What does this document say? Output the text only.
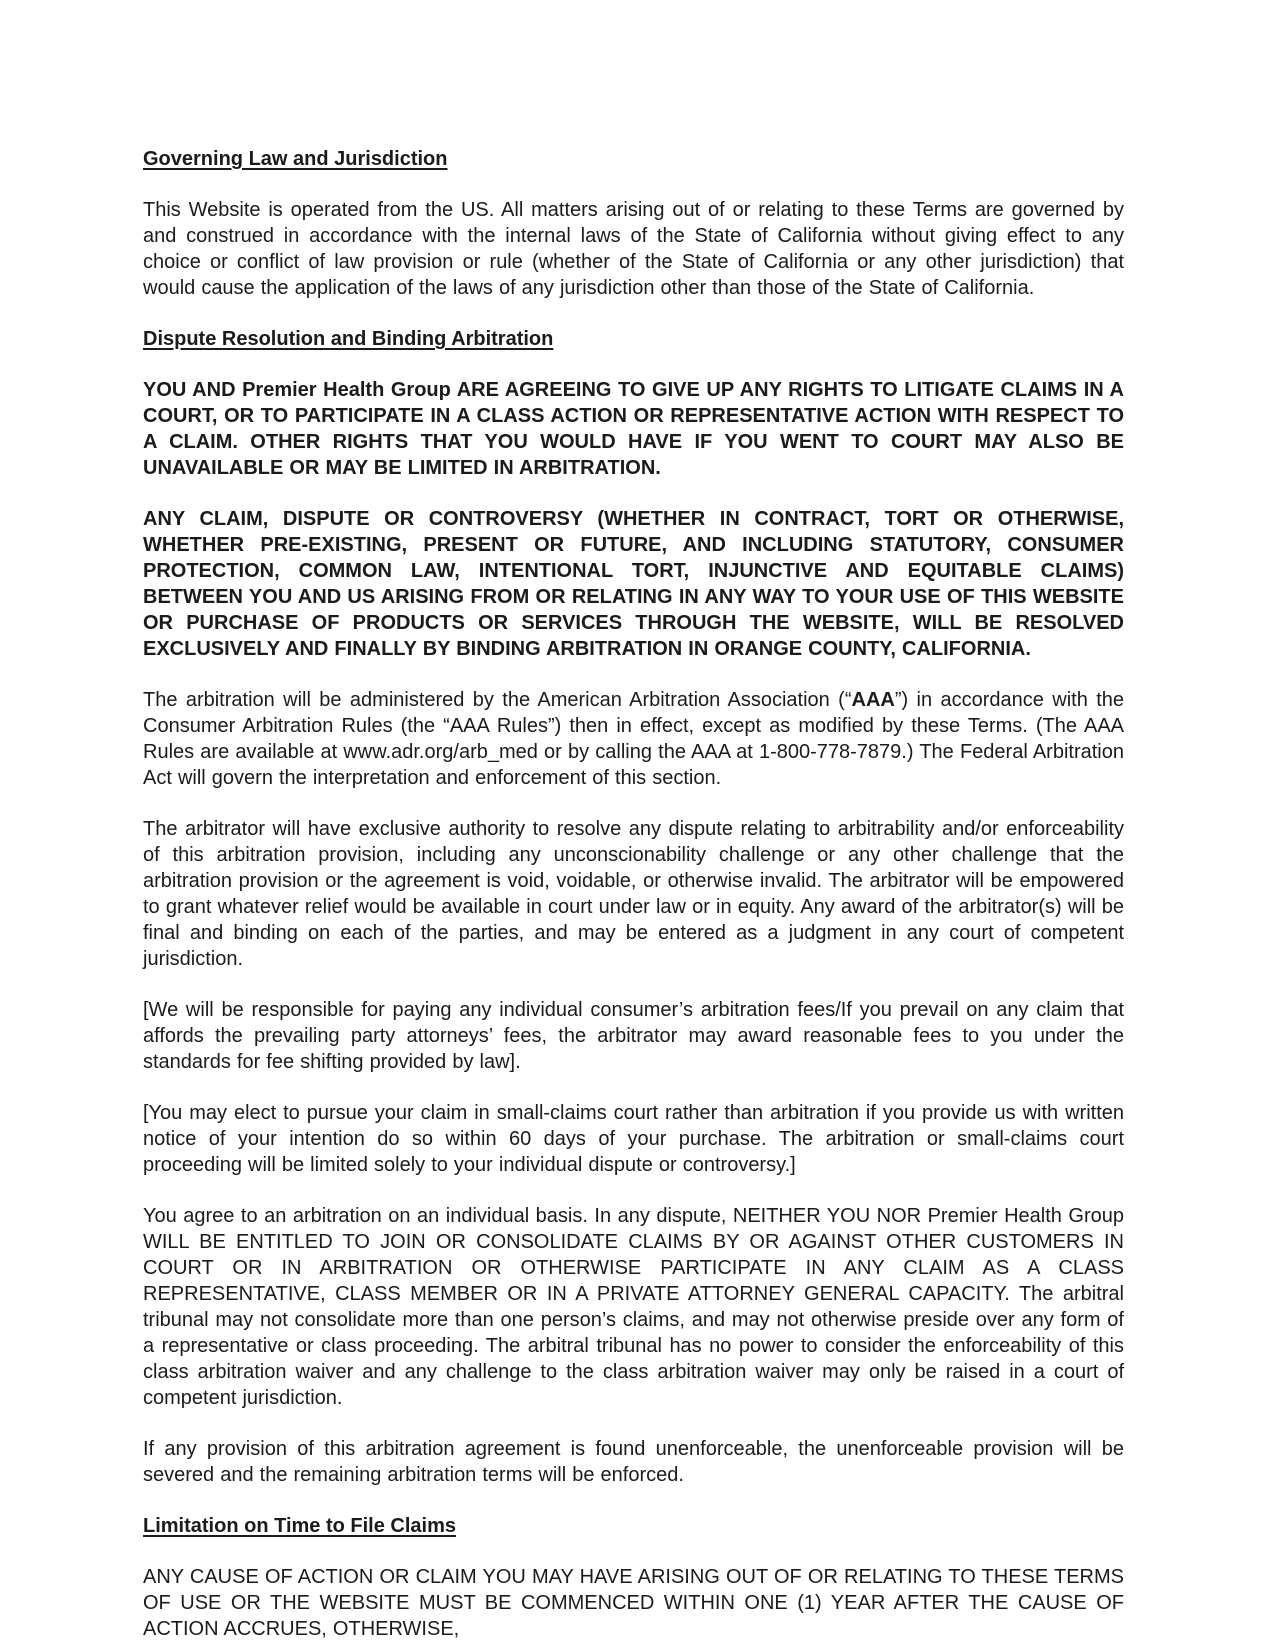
Governing Law and Jurisdiction

This Website is operated from the US. All matters arising out of or relating to these Terms are governed by and construed in accordance with the internal laws of the State of California without giving effect to any choice or conflict of law provision or rule (whether of the State of California or any other jurisdiction) that would cause the application of the laws of any jurisdiction other than those of the State of California.

Dispute Resolution and Binding Arbitration

YOU AND Premier Health Group ARE AGREEING TO GIVE UP ANY RIGHTS TO LITIGATE CLAIMS IN A COURT, OR TO PARTICIPATE IN A CLASS ACTION OR REPRESENTATIVE ACTION WITH RESPECT TO A CLAIM. OTHER RIGHTS THAT YOU WOULD HAVE IF YOU WENT TO COURT MAY ALSO BE UNAVAILABLE OR MAY BE LIMITED IN ARBITRATION.

ANY CLAIM, DISPUTE OR CONTROVERSY (WHETHER IN CONTRACT, TORT OR OTHERWISE, WHETHER PRE-EXISTING, PRESENT OR FUTURE, AND INCLUDING STATUTORY, CONSUMER PROTECTION, COMMON LAW, INTENTIONAL TORT, INJUNCTIVE AND EQUITABLE CLAIMS) BETWEEN YOU AND US ARISING FROM OR RELATING IN ANY WAY TO YOUR USE OF THIS WEBSITE OR PURCHASE OF PRODUCTS OR SERVICES THROUGH THE WEBSITE, WILL BE RESOLVED EXCLUSIVELY AND FINALLY BY BINDING ARBITRATION IN ORANGE COUNTY, CALIFORNIA.

The arbitration will be administered by the American Arbitration Association (“AAA”) in accordance with the Consumer Arbitration Rules (the “AAA Rules”) then in effect, except as modified by these Terms. (The AAA Rules are available at www.adr.org/arb_med or by calling the AAA at 1-800-778-7879.) The Federal Arbitration Act will govern the interpretation and enforcement of this section.

The arbitrator will have exclusive authority to resolve any dispute relating to arbitrability and/or enforceability of this arbitration provision, including any unconscionability challenge or any other challenge that the arbitration provision or the agreement is void, voidable, or otherwise invalid. The arbitrator will be empowered to grant whatever relief would be available in court under law or in equity. Any award of the arbitrator(s) will be final and binding on each of the parties, and may be entered as a judgment in any court of competent jurisdiction.

[We will be responsible for paying any individual consumer’s arbitration fees/If you prevail on any claim that affords the prevailing party attorneys’ fees, the arbitrator may award reasonable fees to you under the standards for fee shifting provided by law].

[You may elect to pursue your claim in small-claims court rather than arbitration if you provide us with written notice of your intention do so within 60 days of your purchase. The arbitration or small-claims court proceeding will be limited solely to your individual dispute or controversy.]

You agree to an arbitration on an individual basis. In any dispute, NEITHER YOU NOR Premier Health Group WILL BE ENTITLED TO JOIN OR CONSOLIDATE CLAIMS BY OR AGAINST OTHER CUSTOMERS IN COURT OR IN ARBITRATION OR OTHERWISE PARTICIPATE IN ANY CLAIM AS A CLASS REPRESENTATIVE, CLASS MEMBER OR IN A PRIVATE ATTORNEY GENERAL CAPACITY. The arbitral tribunal may not consolidate more than one person’s claims, and may not otherwise preside over any form of a representative or class proceeding. The arbitral tribunal has no power to consider the enforceability of this class arbitration waiver and any challenge to the class arbitration waiver may only be raised in a court of competent jurisdiction.

If any provision of this arbitration agreement is found unenforceable, the unenforceable provision will be severed and the remaining arbitration terms will be enforced.

Limitation on Time to File Claims

ANY CAUSE OF ACTION OR CLAIM YOU MAY HAVE ARISING OUT OF OR RELATING TO THESE TERMS OF USE OR THE WEBSITE MUST BE COMMENCED WITHIN ONE (1) YEAR AFTER THE CAUSE OF ACTION ACCRUES, OTHERWISE,
